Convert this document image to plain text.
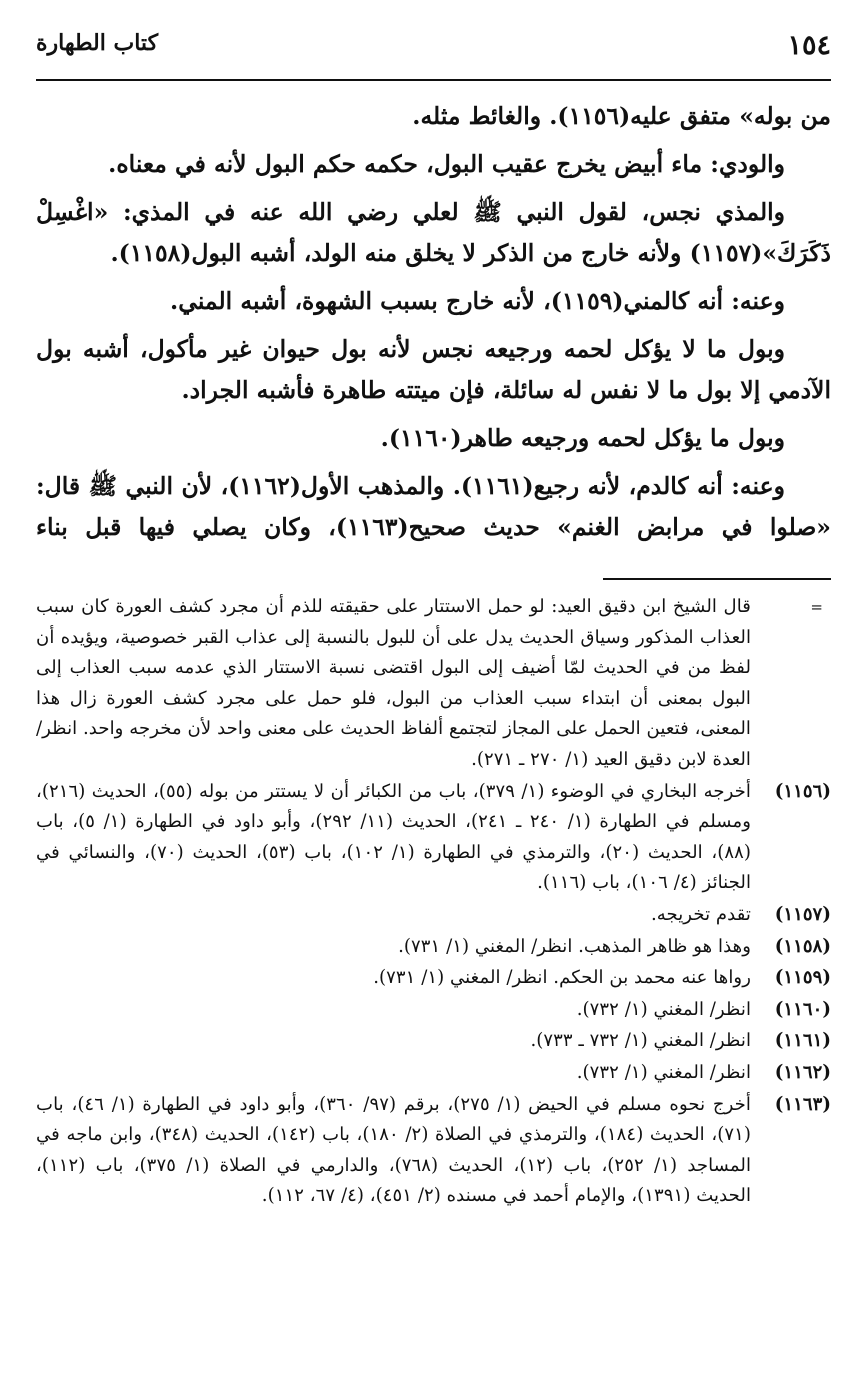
١٥٤
كتاب الطهارة

من بوله» متفق عليه(١١٥٦). والغائط مثله.

والودي: ماء أبيض يخرج عقيب البول، حكمه حكم البول لأنه في معناه.

والمذي نجس، لقول النبي ﷺ لعلي رضي الله عنه في المذي: «اغْسِلْ ذَكَرَكَ»(١١٥٧) ولأنه خارج من الذكر لا يخلق منه الولد، أشبه البول(١١٥٨).

وعنه: أنه كالمني(١١٥٩)، لأنه خارج بسبب الشهوة، أشبه المني.

وبول ما لا يؤكل لحمه ورجيعه نجس لأنه بول حيوان غير مأكول، أشبه بول الآدمي إلا بول ما لا نفس له سائلة، فإن ميتته طاهرة فأشبه الجراد.

وبول ما يؤكل لحمه ورجيعه طاهر(١١٦٠).

وعنه: أنه كالدم، لأنه رجيع(١١٦١). والمذهب الأول(١١٦٢)، لأن النبي ﷺ قال: «صلوا في مرابض الغنم» حديث صحيح(١١٦٣)، وكان يصلي فيها قبل بناء

=
قال الشيخ ابن دقيق العيد: لو حمل الاستتار على حقيقته للذم أن مجرد كشف العورة كان سبب العذاب المذكور وسياق الحديث يدل على أن للبول بالنسبة إلى عذاب القبر خصوصية، ويؤيده أن لفظ من في الحديث لمّا أضيف إلى البول اقتضى نسبة الاستتار الذي عدمه سبب العذاب إلى البول بمعنى أن ابتداء سبب العذاب من البول، فلو حمل على مجرد كشف العورة زال هذا المعنى، فتعين الحمل على المجاز لتجتمع ألفاظ الحديث على معنى واحد لأن مخرجه واحد. انظر/ العدة لابن دقيق العيد (١/ ٢٧٠ ـ ٢٧١).
(١١٥٦)
أخرجه البخاري في الوضوء (١/ ٣٧٩)، باب من الكبائر أن لا يستتر من بوله (٥٥)، الحديث (٢١٦)، ومسلم في الطهارة (١/ ٢٤٠ ـ ٢٤١)، الحديث (١١/ ٢٩٢)، وأبو داود في الطهارة (١/ ٥)، باب (٨٨)، الحديث (٢٠)، والترمذي في الطهارة (١/ ١٠٢)، باب (٥٣)، الحديث (٧٠)، والنسائي في الجنائز (٤/ ١٠٦)، باب (١١٦).
(١١٥٧)
تقدم تخريجه.
(١١٥٨)
وهذا هو ظاهر المذهب. انظر/ المغني (١/ ٧٣١).
(١١٥٩)
رواها عنه محمد بن الحكم. انظر/ المغني (١/ ٧٣١).
(١١٦٠)
انظر/ المغني (١/ ٧٣٢).
(١١٦١)
انظر/ المغني (١/ ٧٣٢ ـ ٧٣٣).
(١١٦٢)
انظر/ المغني (١/ ٧٣٢).
(١١٦٣)
أخرج نحوه مسلم في الحيض (١/ ٢٧٥)، برقم (٩٧/ ٣٦٠)، وأبو داود في الطهارة (١/ ٤٦)، باب (٧١)، الحديث (١٨٤)، والترمذي في الصلاة (٢/ ١٨٠)، باب (١٤٢)، الحديث (٣٤٨)، وابن ماجه في المساجد (١/ ٢٥٢)، باب (١٢)، الحديث (٧٦٨)، والدارمي في الصلاة (١/ ٣٧٥)، باب (١١٢)، الحديث (١٣٩١)، والإمام أحمد في مسنده (٢/ ٤٥١)، (٤/ ٦٧، ١١٢).
